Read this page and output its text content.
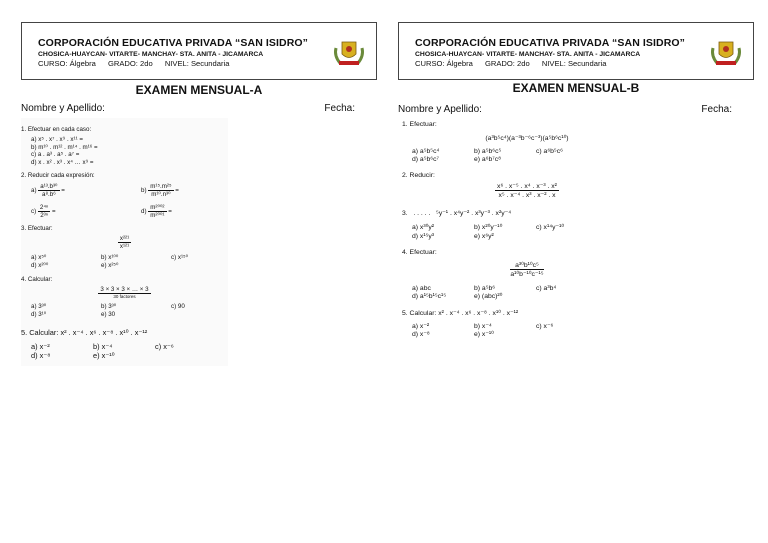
CORPORACIÓN EDUCATIVA PRIVADA “SAN ISIDRO”
CHOSICA-HUAYCAN- VITARTE- MANCHAY- STA. ANITA - JICAMARCA
CURSO: Álgebra GRADO: 2do NIVEL: Secundaria
EXAMEN MENSUAL-A
Nombre y Apellido:	Fecha:
1. Efectuar en cada caso:
a) x⁵ . x⁷ . x⁹ . x¹¹ =
b) m¹⁰ . m¹² . m¹⁴ . m¹⁶ =
c) a . a³ . a⁵ . a⁷ =
d) x . x² . x³ . x⁴ … x⁹ =
2. Reducir cada expresión:
$a) \frac{\text{a¹³.b³⁰}}{\text{a⁸.b⁶}}$ =	$b) \frac{\text{m¹⁵.m²⁵}}{\text{m¹⁰.n³⁰}}$ =
$c) \frac{\text{2⁴ⁿ}}{\text{2³ⁿ}}$ =	$d) \frac{\text{m²⁰⁰²}}{\text{m²⁰⁰¹}}$ =
3. Efectuar:
$\frac{\text{x²²¹}}{\text{x¹²¹}}$
a) x⁵⁰	b) x¹⁰⁰	c) x¹⁵⁰
d) x²⁰⁰	e) x²⁵⁰
4. Calcular:
$\frac{3 \times 3 \times 3 \times \dots \times 3}{\text{30 factores}}$
a) 3³⁰	b) 3³⁰	c) 90
d) 3¹⁰	e) 30
5. Calcular: x² . x⁻⁴ . x⁶ . x⁻⁸ . x¹⁰ . x⁻¹²
a) x⁻²	b) x⁻⁴	c) x⁻⁶
d) x⁻⁸	e) x⁻¹⁰
CORPORACIÓN EDUCATIVA PRIVADA “SAN ISIDRO”
CHOSICA-HUAYCAN- VITARTE- MANCHAY- STA. ANITA - JICAMARCA
CURSO: Álgebra GRADO: 2do NIVEL: Secundaria
EXAMEN MENSUAL-B
Nombre y Apellido:	Fecha:
1. Efectuar:
(a³b⁵c⁴)(a⁻³b⁻⁶c⁻³)(a⁵b⁶c¹⁰)
a) a⁵b⁵c⁴	b) a⁵b⁶c⁵	c) a⁶b⁵c⁶
d) a⁵b⁶c⁷	e) a⁶b⁷c⁸
2. Reducir:
$\frac{\text{x⁶ . x⁻⁵ . x⁴ . x⁻³ . x²}}{\text{x⁵ . x⁻⁴ . x³ . x⁻² . x}}$
3.   . . . . .   ⁵y⁻¹ . x⁴y⁻² . x³y⁻³ . x²y⁻⁴
a) x³⁰y²	b) x²⁰y⁻¹⁰	c) x¹⁴y⁻¹⁰
d) x¹⁵y³	e) x⁶y²
4. Efectuar:
$\frac{\text{a³⁰b¹⁰c⁵}}{\text{a¹⁰b⁻¹⁰c⁻¹⁵}}$
a) abc	b) a⁵b⁶	c) a³b⁴
d) a¹⁵b¹⁵c¹⁵	e) (abc)²⁰
5. Calcular: x² . x⁻⁴ . x⁶ . x⁻⁸ . x¹⁰ . x⁻¹²
a) x⁻²	b) x⁻⁴	c) x⁻⁶
d) x⁻⁸	e) x⁻¹⁰
